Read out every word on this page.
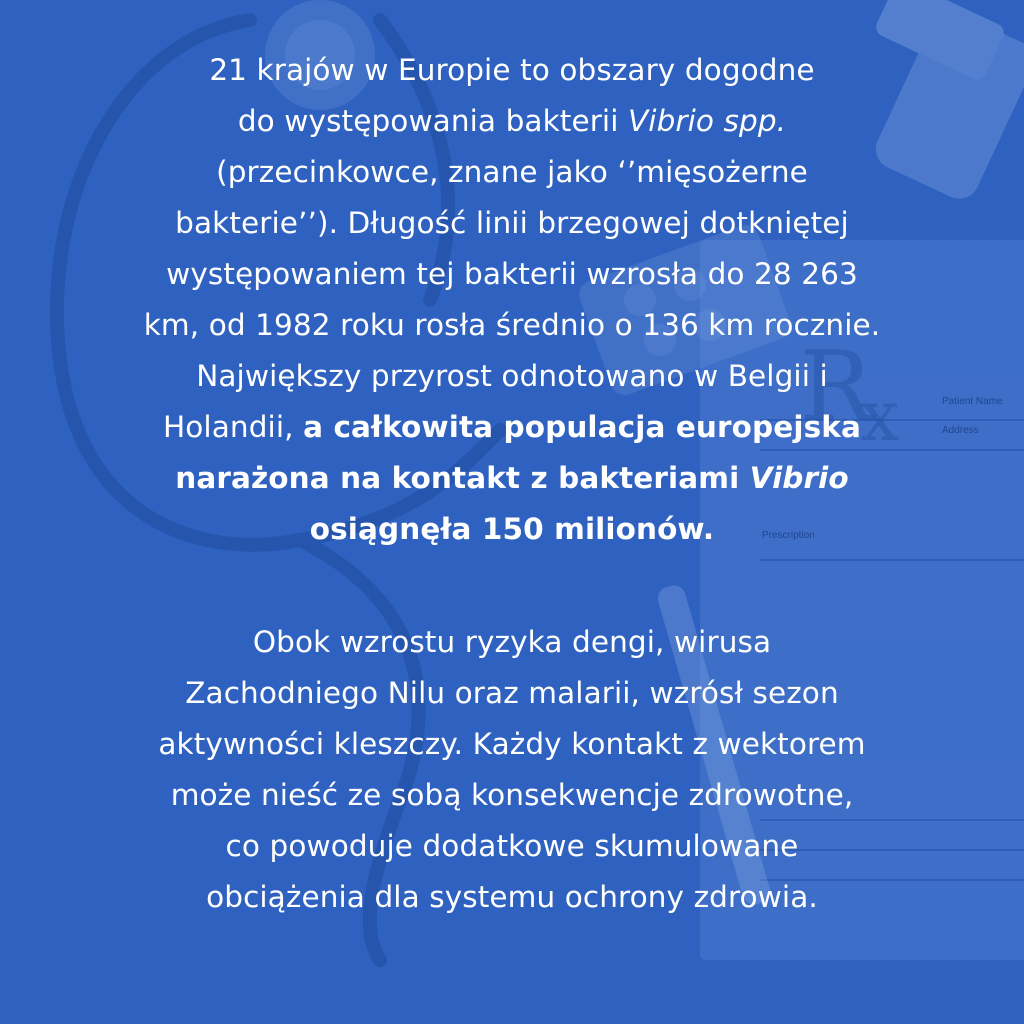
R
x	Patient Name
Address
Prescription
21 krajów w Europie to obszary dogodne
do występowania bakterii Vibrio spp.
(przecinkowce, znane jako ‘’mięsożerne
bakterie’’). Długość linii brzegowej dotkniętej
występowaniem tej bakterii wzrosła do 28 263
km, od 1982 roku rosła średnio o 136 km rocznie.
Największy przyrost odnotowano w Belgii i
Holandii, a całkowita populacja europejska
narażona na kontakt z bakteriami Vibrio
osiągnęła 150 milionów.
Obok wzrostu ryzyka dengi, wirusa
Zachodniego Nilu oraz malarii, wzrósł sezon
aktywności kleszczy. Każdy kontakt z wektorem
może nieść ze sobą konsekwencje zdrowotne,
co powoduje dodatkowe skumulowane
obciążenia dla systemu ochrony zdrowia.
